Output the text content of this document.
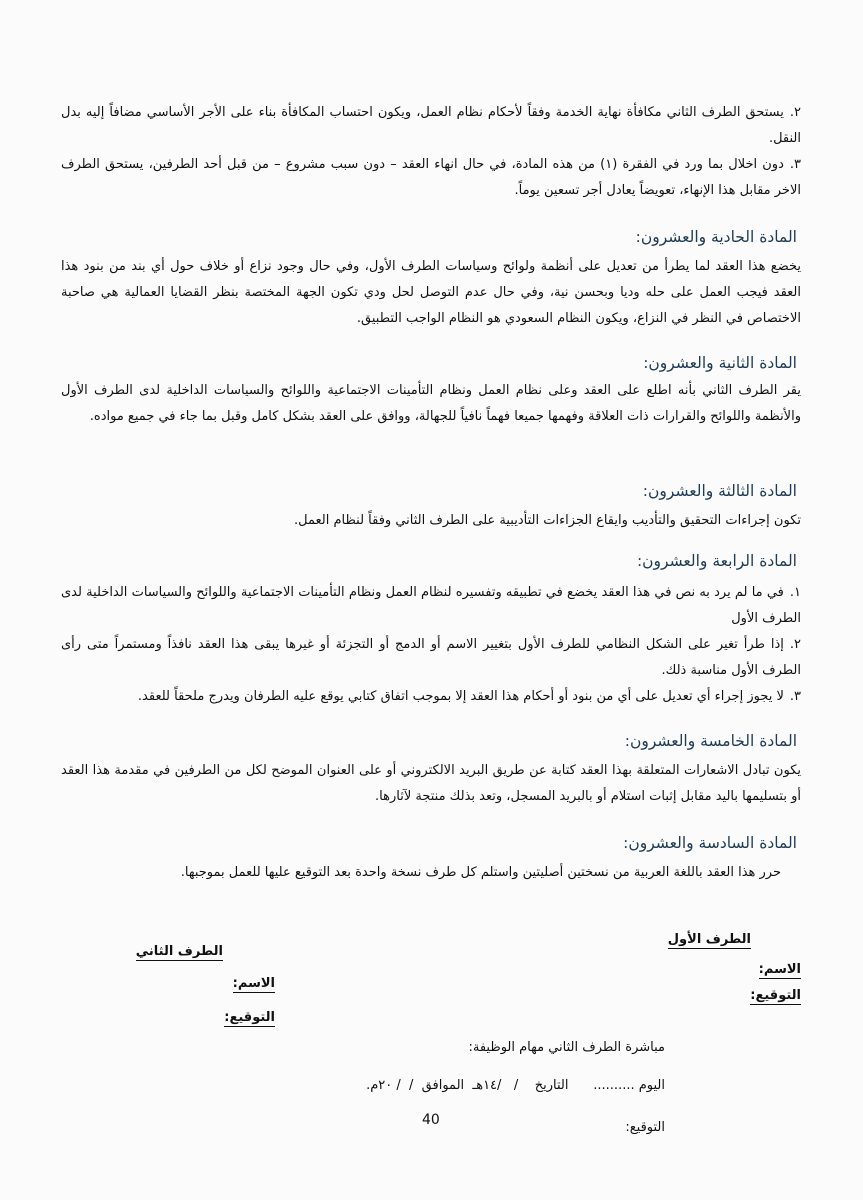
٢.يستحق الطرف الثاني مكافأة نهاية الخدمة وفقاً لأحكام نظام العمل، ويكون احتساب المكافأة بناء على الأجر الأساسي مضافاً إليه بدل النقل.

٣.دون اخلال بما ورد في الفقرة (١) من هذه المادة، في حال انهاء العقد – دون سبب مشروع – من قبل أحد الطرفين، يستحق الطرف الاخر مقابل هذا الإنهاء، تعويضاً يعادل أجر تسعين يوماً.

المادة الحادية والعشرون:

يخضع هذا العقد لما يطرأ من تعديل على أنظمة ولوائح وسياسات الطرف الأول، وفي حال وجود نزاع أو خلاف حول أي بند من بنود هذا العقد فيجب العمل على حله وديا وبحسن نية، وفي حال عدم التوصل لحل ودي تكون الجهة المختصة بنظر القضايا العمالية هي صاحبة الاختصاص في النظر في النزاع، ويكون النظام السعودي هو النظام الواجب التطبيق.

المادة الثانية والعشرون:

يقر الطرف الثاني بأنه اطلع على العقد وعلى نظام العمل ونظام التأمينات الاجتماعية واللوائح والسياسات الداخلية لدى الطرف الأول والأنظمة واللوائح والقرارات ذات العلاقة وفهمها جميعا فهماً نافياً للجهالة، ووافق على العقد بشكل كامل وقبل بما جاء في جميع مواده.

المادة الثالثة والعشرون:

تكون إجراءات التحقيق والتأديب وايقاع الجزاءات التأديبية على الطرف الثاني وفقاً لنظام العمل.

المادة الرابعة والعشرون:

١.في ما لم يرد به نص في هذا العقد يخضع في تطبيقه وتفسيره لنظام العمل ونظام التأمينات الاجتماعية واللوائح والسياسات الداخلية لدى الطرف الأول

٢.إذا طرأ تغير على الشكل النظامي للطرف الأول بتغيير الاسم أو الدمج أو التجزئة أو غيرها يبقى هذا العقد نافذاً ومستمراً متى رأى الطرف الأول مناسبة ذلك.

٣.لا يجوز إجراء أي تعديل على أي من بنود أو أحكام هذا العقد إلا بموجب اتفاق كتابي يوقع عليه الطرفان ويدرج ملحقاً للعقد.

المادة الخامسة والعشرون:

يكون تبادل الاشعارات المتعلقة بهذا العقد كتابة عن طريق البريد الالكتروني أو على العنوان الموضح لكل من الطرفين في مقدمة هذا العقد أو بتسليمها باليد مقابل إثبات استلام أو بالبريد المسجل، وتعد بذلك منتجة لآثارها.

المادة السادسة والعشرون:

حرر هذا العقد باللغة العربية من نسختين أصليتين واستلم كل طرف نسخة واحدة بعد التوقيع عليها للعمل بموجبها.

الطرف الأول

الاسم:

التوقيع:

الطرف الثاني

الاسم:

التوقيع:

مباشرة الطرف الثاني مهام الوظيفة:

اليوم ..........      التاريخ    /   /١٤هـ  الموافق  /  / ٢٠م.

التوقيع:

40
